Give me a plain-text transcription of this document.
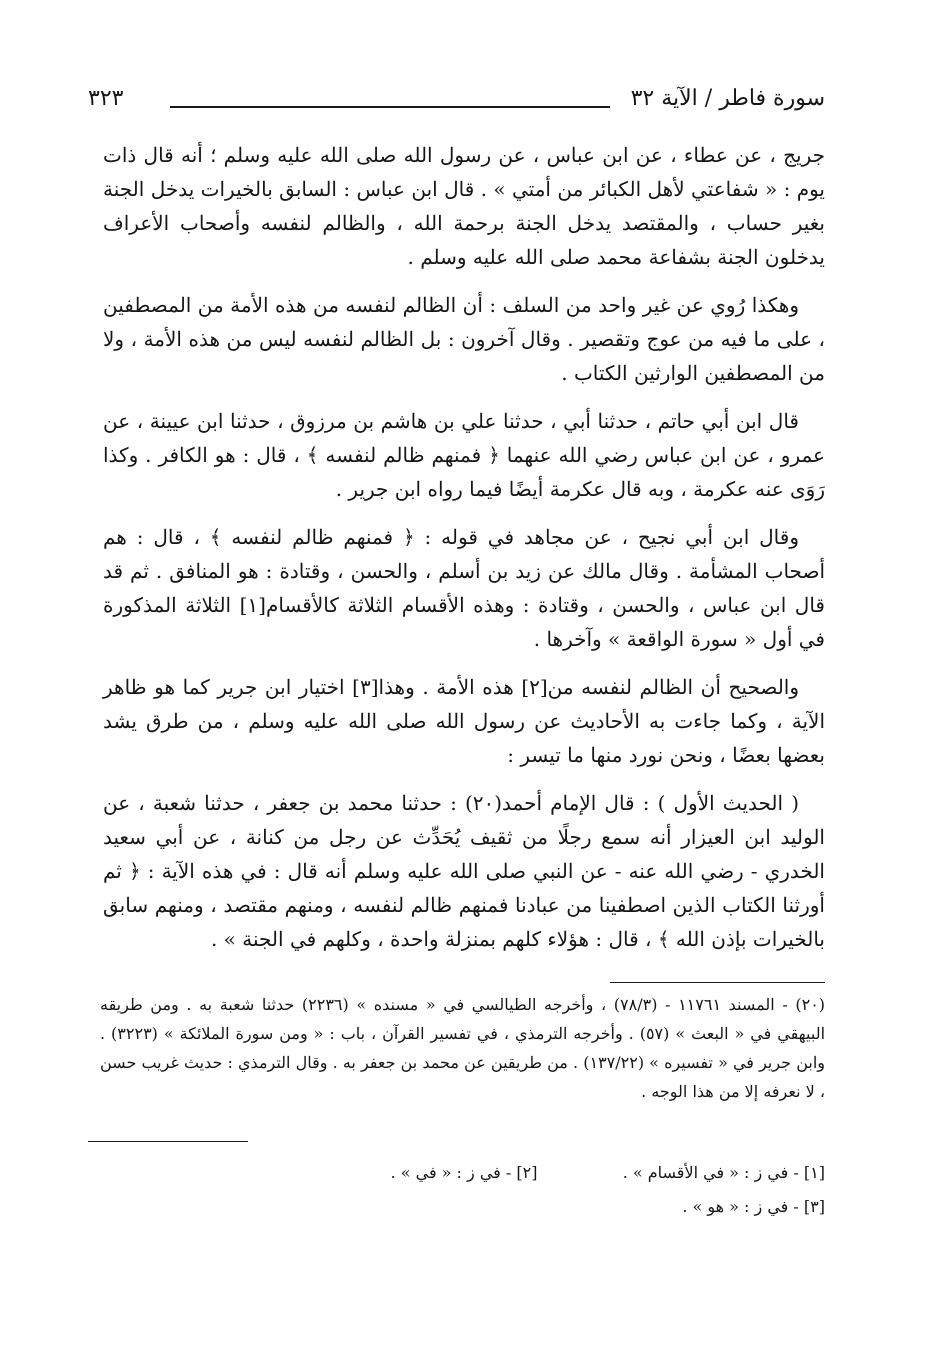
سورة فاطر / الآية ٣٢
٣٢٣

جريج ، عن عطاء ، عن ابن عباس ، عن رسول الله صلى الله عليه وسلم ؛ أنه قال ذات يوم : « شفاعتي لأهل الكبائر من أمتي » . قال ابن عباس : السابق بالخيرات يدخل الجنة بغير حساب ، والمقتصد يدخل الجنة برحمة الله ، والظالم لنفسه وأصحاب الأعراف يدخلون الجنة بشفاعة محمد صلى الله عليه وسلم .

وهكذا رُوي عن غير واحد من السلف : أن الظالم لنفسه من هذه الأمة من المصطفين ، على ما فيه من عوج وتقصير . وقال آخرون : بل الظالم لنفسه ليس من هذه الأمة ، ولا من المصطفين الوارثين الكتاب .

قال ابن أبي حاتم ، حدثنا أبي ، حدثنا علي بن هاشم بن مرزوق ، حدثنا ابن عيينة ، عن عمرو ، عن ابن عباس رضي الله عنهما ﴿ فمنهم ظالم لنفسه ﴾ ، قال : هو الكافر . وكذا رَوَى عنه عكرمة ، وبه قال عكرمة أيضًا فيما رواه ابن جرير .

وقال ابن أبي نجيح ، عن مجاهد في قوله : ﴿ فمنهم ظالم لنفسه ﴾ ، قال : هم أصحاب المشأمة . وقال مالك عن زيد بن أسلم ، والحسن ، وقتادة : هو المنافق . ثم قد قال ابن عباس ، والحسن ، وقتادة : وهذه الأقسام الثلاثة كالأقسام[١] الثلاثة المذكورة في أول « سورة الواقعة » وآخرها .

والصحيح أن الظالم لنفسه من[٢] هذه الأمة . وهذا[٣] اختيار ابن جرير كما هو ظاهر الآية ، وكما جاءت به الأحاديث عن رسول الله صلى الله عليه وسلم ، من طرق يشد بعضها بعضًا ، ونحن نورد منها ما تيسر :

( الحديث الأول ) : قال الإمام أحمد(٢٠) : حدثنا محمد بن جعفر ، حدثنا شعبة ، عن الوليد ابن العيزار أنه سمع رجلًا من ثقيف يُحَدِّث عن رجل من كنانة ، عن أبي سعيد الخدري - رضي الله عنه - عن النبي صلى الله عليه وسلم أنه قال : في هذه الآية : ﴿ ثم أورثنا الكتاب الذين اصطفينا من عبادنا فمنهم ظالم لنفسه ، ومنهم مقتصد ، ومنهم سابق بالخيرات بإذن الله ﴾ ، قال : هؤلاء كلهم بمنزلة واحدة ، وكلهم في الجنة » .

(٢٠) - المسند ١١٧٦١ - (٧٨/٣) ، وأخرجه الطيالسي في « مسنده » (٢٢٣٦) حدثنا شعبة به . ومن طريقه البيهقي في « البعث » (٥٧) . وأخرجه الترمذي ، في تفسير القرآن ، باب : « ومن سورة الملائكة » (٣٢٢٣) . وابن جرير في « تفسيره » (١٣٧/٢٢) . من طريقين عن محمد بن جعفر به . وقال الترمذي : حديث غريب حسن ، لا نعرفه إلا من هذا الوجه .

[١] - في ز : « في الأقسام » .
[٢] - في ز : « في » .
[٣] - في ز : « هو » .
